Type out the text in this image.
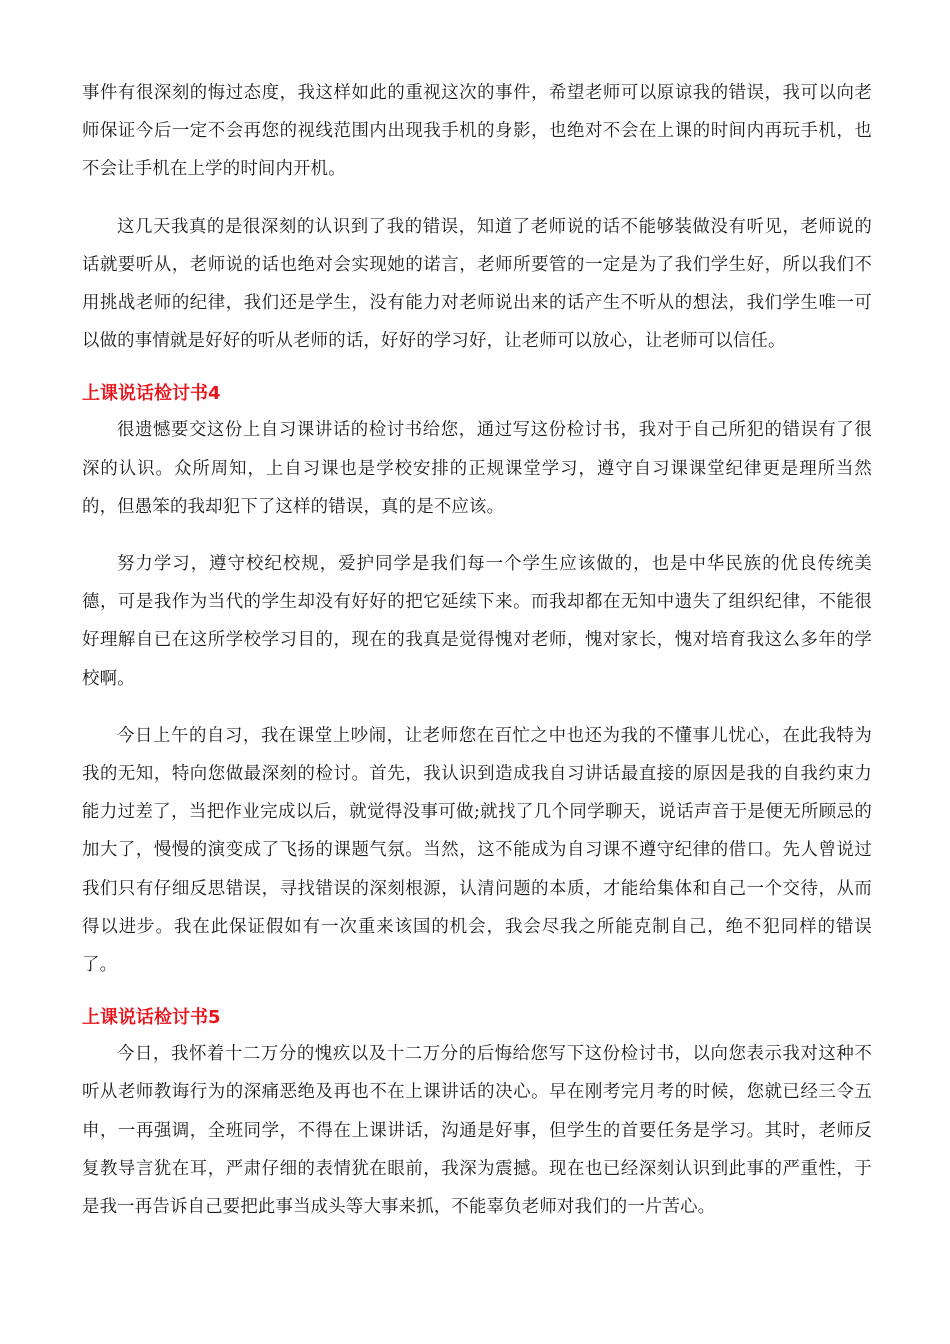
事件有很深刻的悔过态度，我这样如此的重视这次的事件，希望老师可以原谅我的错误，我可以向老师保证今后一定不会再您的视线范围内出现我手机的身影，也绝对不会在上课的时间内再玩手机，也不会让手机在上学的时间内开机。

这几天我真的是很深刻的认识到了我的错误，知道了老师说的话不能够装做没有听见，老师说的话就要听从，老师说的话也绝对会实现她的诺言，老师所要管的一定是为了我们学生好，所以我们不用挑战老师的纪律，我们还是学生，没有能力对老师说出来的话产生不听从的想法，我们学生唯一可以做的事情就是好好的听从老师的话，好好的学习好，让老师可以放心，让老师可以信任。

上课说话检讨书4

很遗憾要交这份上自习课讲话的检讨书给您，通过写这份检讨书，我对于自己所犯的错误有了很深的认识。众所周知，上自习课也是学校安排的正规课堂学习，遵守自习课课堂纪律更是理所当然的，但愚笨的我却犯下了这样的错误，真的是不应该。

努力学习，遵守校纪校规，爱护同学是我们每一个学生应该做的，也是中华民族的优良传统美德，可是我作为当代的学生却没有好好的把它延续下来。而我却都在无知中遗失了组织纪律，不能很好理解自已在这所学校学习目的，现在的我真是觉得愧对老师，愧对家长，愧对培育我这么多年的学校啊。

今日上午的自习，我在课堂上吵闹，让老师您在百忙之中也还为我的不懂事儿忧心，在此我特为我的无知，特向您做最深刻的检讨。首先，我认识到造成我自习讲话最直接的原因是我的自我约束力能力过差了，当把作业完成以后，就觉得没事可做;就找了几个同学聊天，说话声音于是便无所顾忌的加大了，慢慢的演变成了飞扬的课题气氛。当然，这不能成为自习课不遵守纪律的借口。先人曾说过我们只有仔细反思错误，寻找错误的深刻根源，认清问题的本质，才能给集体和自己一个交待，从而得以进步。我在此保证假如有一次重来该国的机会，我会尽我之所能克制自己，绝不犯同样的错误了。

上课说话检讨书5

今日，我怀着十二万分的愧疚以及十二万分的后悔给您写下这份检讨书，以向您表示我对这种不听从老师教诲行为的深痛恶绝及再也不在上课讲话的决心。早在刚考完月考的时候，您就已经三令五申，一再强调，全班同学，不得在上课讲话，沟通是好事，但学生的首要任务是学习。其时，老师反复教导言犹在耳，严肃仔细的表情犹在眼前，我深为震撼。现在也已经深刻认识到此事的严重性，于是我一再告诉自己要把此事当成头等大事来抓，不能辜负老师对我们的一片苦心。
